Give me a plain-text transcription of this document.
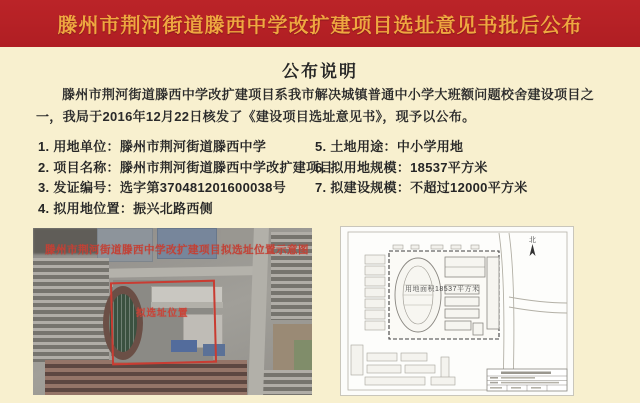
滕州市荆河街道滕西中学改扩建项目选址意见书批后公布
公布说明
滕州市荆河街道滕西中学改扩建项目系我市解决城镇普通中小学大班额问题校舍建设项目之一，我局于2016年12月22日核发了《建设项目选址意见书》，现予以公布。
1. 用地单位：滕州市荆河街道滕西中学
2. 项目名称：滕州市荆河街道滕西中学改扩建项目
3. 发证编号：选字第370481201600038号
4. 拟用地位置：振兴北路西侧
5. 土地用途：中小学用地
6. 拟用地规模：18537平方米
7. 拟建设规模：不超过12000平方米
滕州市荆河街道滕西中学改扩建项目拟选址位置示意图
拟选址位置
北
用地面积18537平方米
